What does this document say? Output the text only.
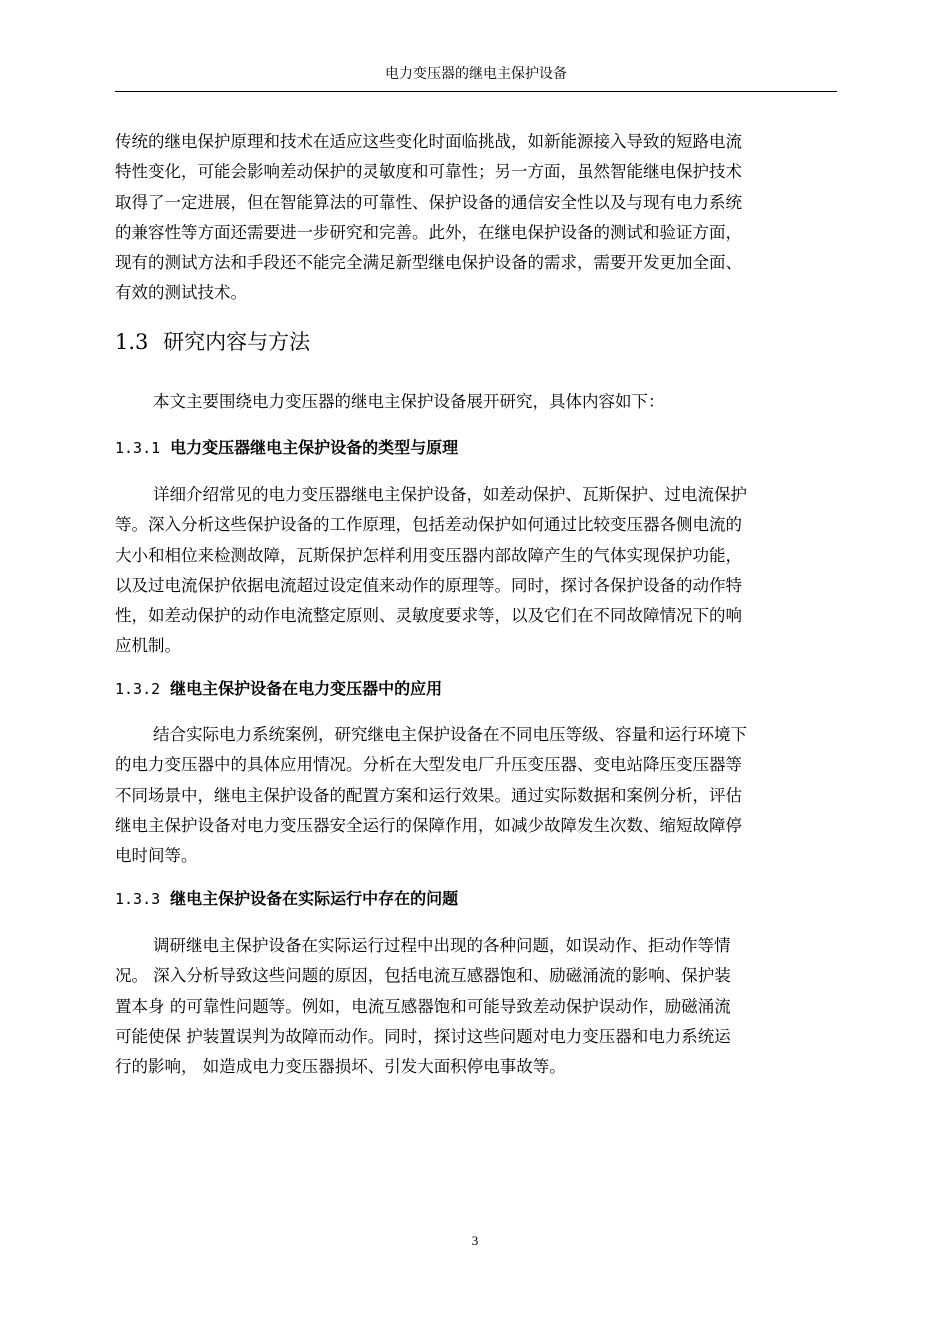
电力变压器的继电主保护设备

传统的继电保护原理和技术在适应这些变化时面临挑战，如新能源接入导致的短路电流
特性变化，可能会影响差动保护的灵敏度和可靠性；另一方面，虽然智能继电保护技术
取得了一定进展，但在智能算法的可靠性、保护设备的通信安全性以及与现有电力系统
的兼容性等方面还需要进一步研究和完善。此外，在继电保护设备的测试和验证方面，
现有的测试方法和手段还不能完全满足新型继电保护设备的需求，需要开发更加全面、
有效的测试技术。

1.3 研究内容与方法

本文主要围绕电力变压器的继电主保护设备展开研究，具体内容如下：

1.3.1 电力变压器继电主保护设备的类型与原理

详细介绍常见的电力变压器继电主保护设备，如差动保护、瓦斯保护、过电流保护
等。深入分析这些保护设备的工作原理，包括差动保护如何通过比较变压器各侧电流的
大小和相位来检测故障，瓦斯保护怎样利用变压器内部故障产生的气体实现保护功能，
以及过电流保护依据电流超过设定值来动作的原理等。同时，探讨各保护设备的动作特
性，如差动保护的动作电流整定原则、灵敏度要求等，以及它们在不同故障情况下的响
应机制。

1.3.2 继电主保护设备在电力变压器中的应用

结合实际电力系统案例，研究继电主保护设备在不同电压等级、容量和运行环境下
的电力变压器中的具体应用情况。分析在大型发电厂升压变压器、变电站降压变压器等
不同场景中，继电主保护设备的配置方案和运行效果。通过实际数据和案例分析，评估
继电主保护设备对电力变压器安全运行的保障作用，如减少故障发生次数、缩短故障停
电时间等。

1.3.3 继电主保护设备在实际运行中存在的问题

调研继电主保护设备在实际运行过程中出现的各种问题，如误动作、拒动作等情
况。 深入分析导致这些问题的原因，包括电流互感器饱和、励磁涌流的影响、保护装
置本身 的可靠性问题等。例如，电流互感器饱和可能导致差动保护误动作，励磁涌流
可能使保 护装置误判为故障而动作。同时，探讨这些问题对电力变压器和电力系统运
行的影响， 如造成电力变压器损坏、引发大面积停电事故等。

3
